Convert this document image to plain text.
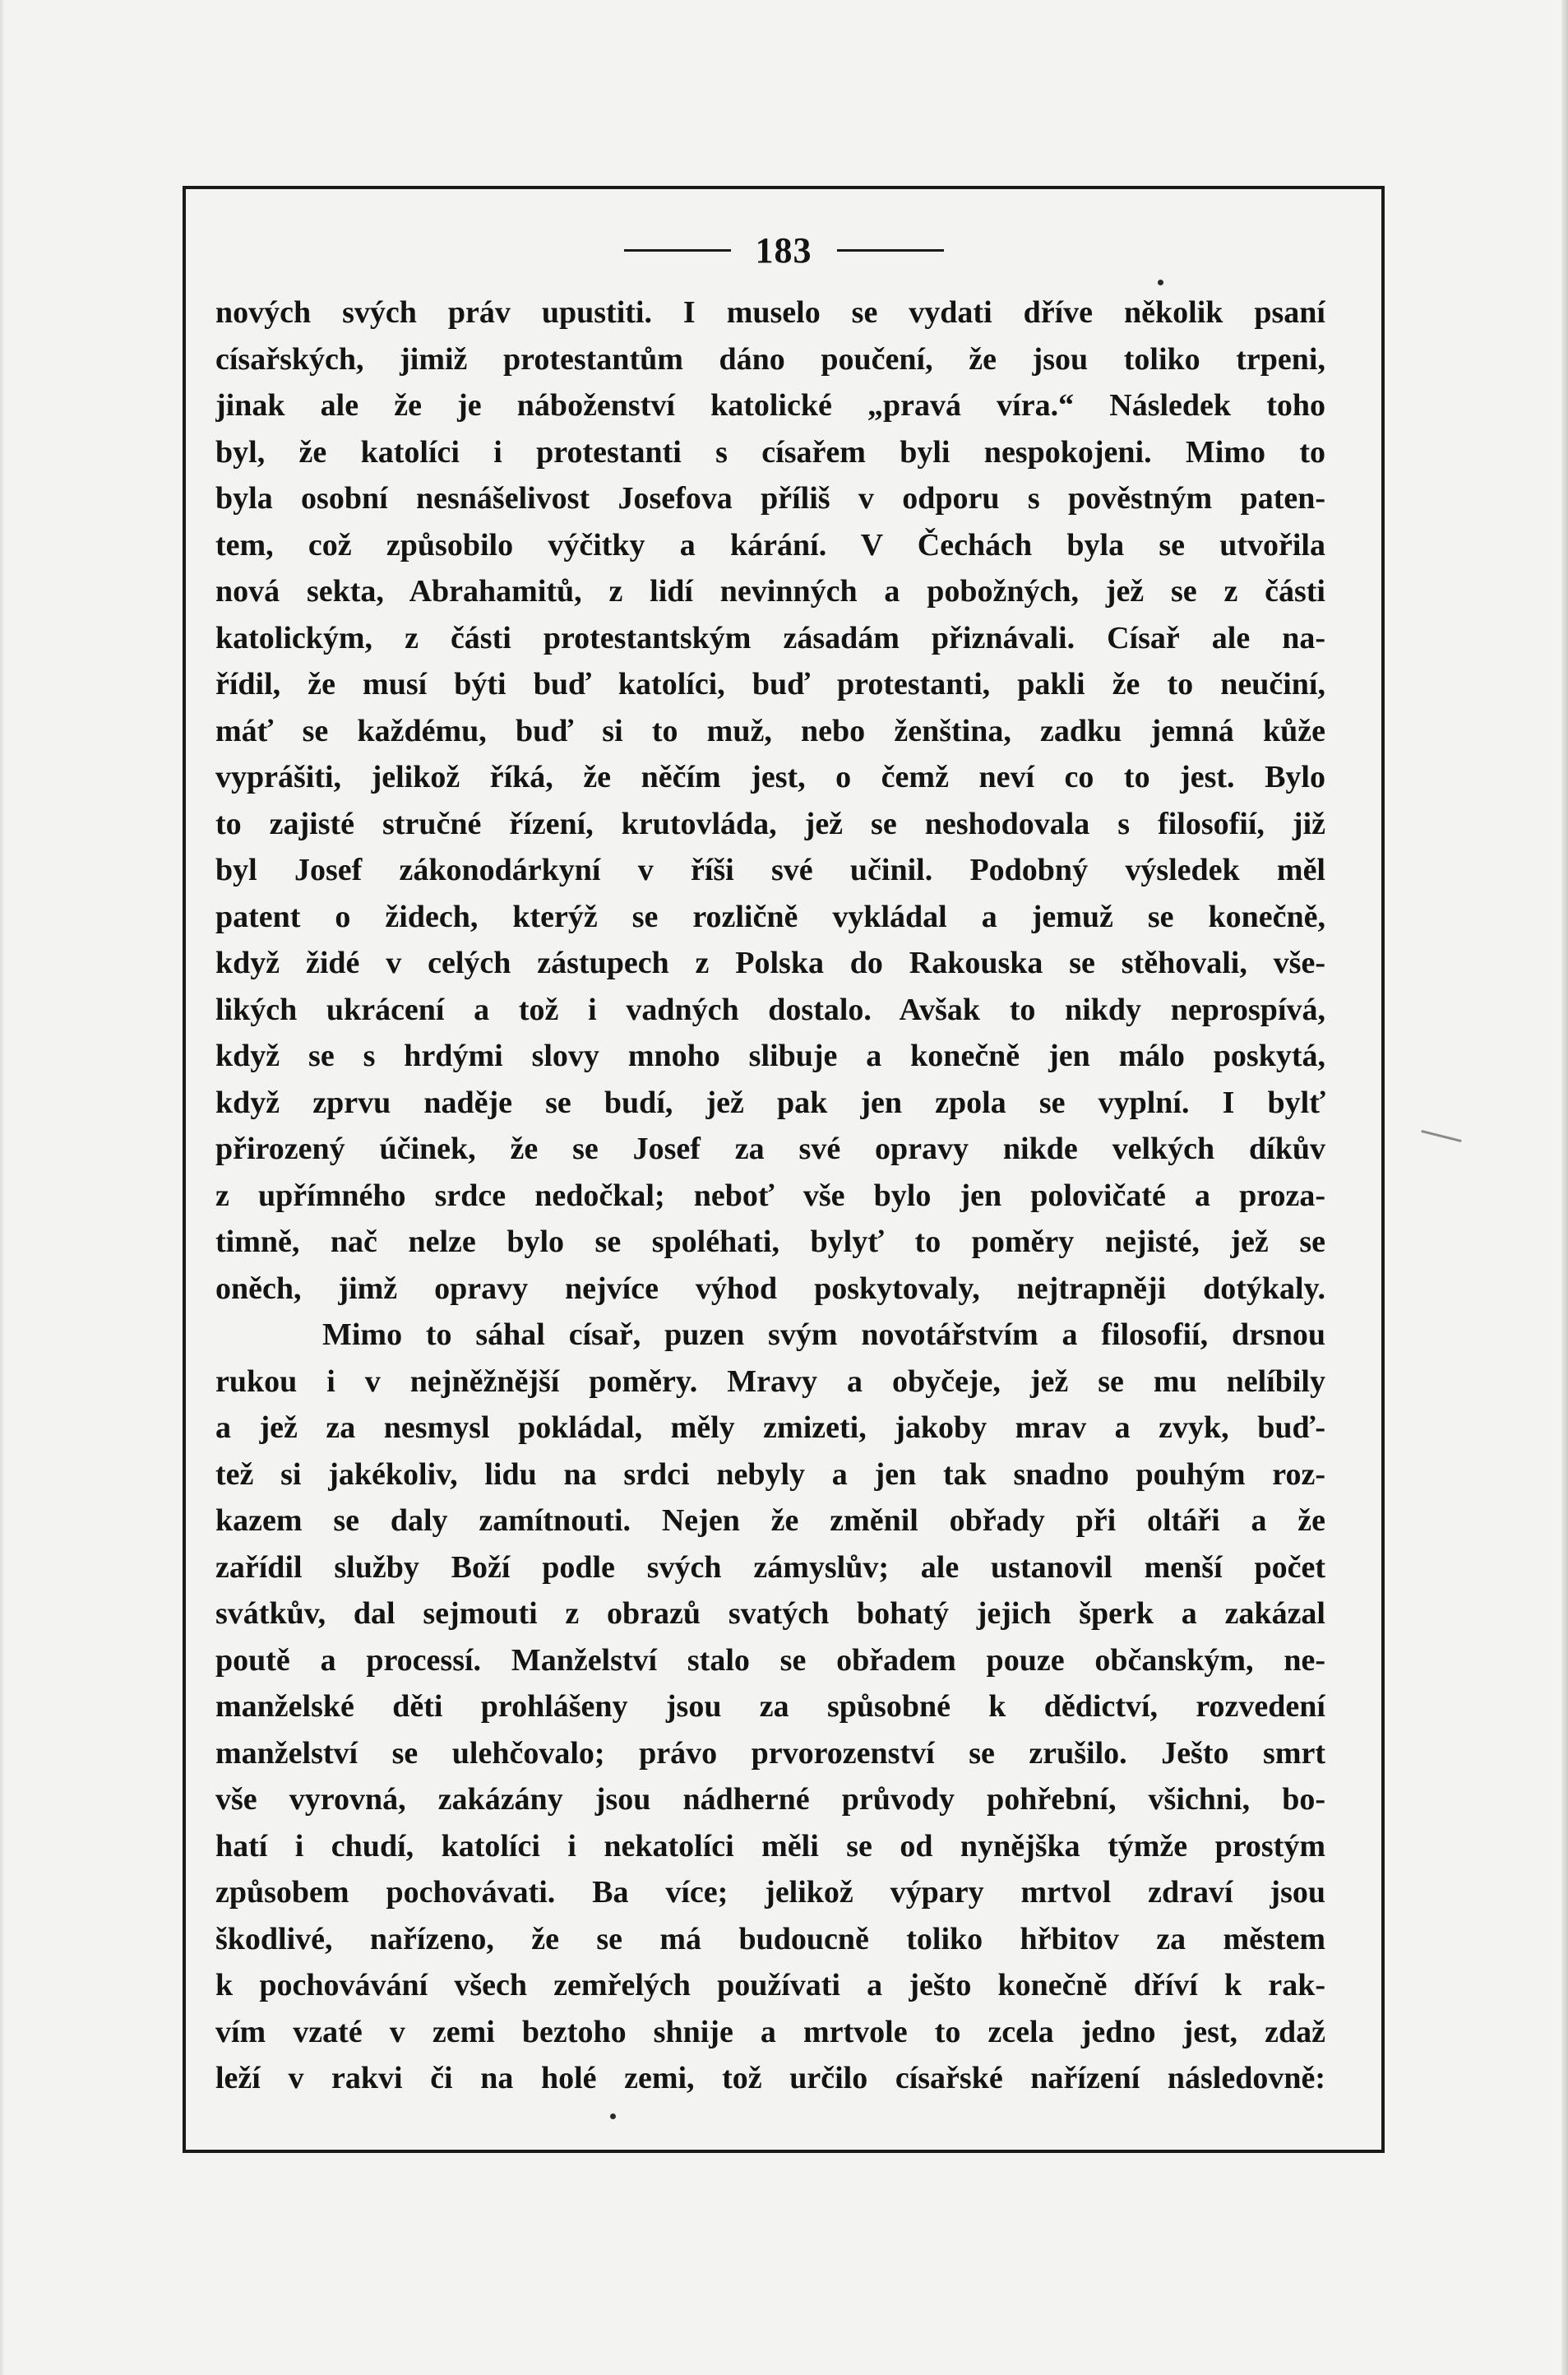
183
nových svých práv upustiti. I muselo se vydati dříve několik psaní
císařských, jimiž protestantům dáno poučení, že jsou toliko trpeni,
jinak ale že je náboženství katolické „pravá víra.“ Následek toho
byl, že katolíci i protestanti s císařem byli nespokojeni. Mimo to
byla osobní nesnášelivost Josefova příliš v odporu s pověstným paten-
tem, což způsobilo výčitky a kárání. V Čechách byla se utvořila
nová sekta, Abrahamitů, z lidí nevinných a pobožných, jež se z části
katolickým, z části protestantským zásadám přiznávali. Císař ale na-
řídil, že musí býti buď katolíci, buď protestanti, pakli že to neučiní,
máť se každému, buď si to muž, nebo ženština, zadku jemná kůže
vyprášiti, jelikož říká, že něčím jest, o čemž neví co to jest. Bylo
to zajisté stručné řízení, krutovláda, jež se neshodovala s filosofií, již
byl Josef zákonodárkyní v říši své učinil. Podobný výsledek měl
patent o židech, kterýž se rozličně vykládal a jemuž se konečně,
když židé v celých zástupech z Polska do Rakouska se stěhovali, vše-
likých ukrácení a tož i vadných dostalo. Avšak to nikdy neprospívá,
když se s hrdými slovy mnoho slibuje a konečně jen málo poskytá,
když zprvu naděje se budí, jež pak jen zpola se vyplní. I bylť
přirozený účinek, že se Josef za své opravy nikde velkých díkův
z upřímného srdce nedočkal; neboť vše bylo jen polovičaté a proza-
timně, nač nelze bylo se spoléhati, bylyť to poměry nejisté, jež se
oněch, jimž opravy nejvíce výhod poskytovaly, nejtrapněji dotýkaly.
Mimo to sáhal císař, puzen svým novotářstvím a filosofií, drsnou
rukou i v nejněžnější poměry. Mravy a obyčeje, jež se mu nelíbily
a jež za nesmysl pokládal, měly zmizeti, jakoby mrav a zvyk, buď-
tež si jakékoliv, lidu na srdci nebyly a jen tak snadno pouhým roz-
kazem se daly zamítnouti. Nejen že změnil obřady při oltáři a že
zařídil služby Boží podle svých zámyslův; ale ustanovil menší počet
svátkův, dal sejmouti z obrazů svatých bohatý jejich šperk a zakázal
poutě a processí. Manželství stalo se obřadem pouze občanským, ne-
manželské děti prohlášeny jsou za spůsobné k dědictví, rozvedení
manželství se ulehčovalo; právo prvorozenství se zrušilo. Ješto smrt
vše vyrovná, zakázány jsou nádherné průvody pohřební, všichni, bo-
hatí i chudí, katolíci i nekatolíci měli se od nynějška týmže prostým
způsobem pochovávati. Ba více; jelikož výpary mrtvol zdraví jsou
škodlivé, nařízeno, že se má budoucně toliko hřbitov za městem
k pochovávání všech zemřelých používati a ješto konečně dříví k rak-
vím vzaté v zemi beztoho shnije a mrtvole to zcela jedno jest, zdaž
leží v rakvi či na holé zemi, tož určilo císařské nařízení následovně:
